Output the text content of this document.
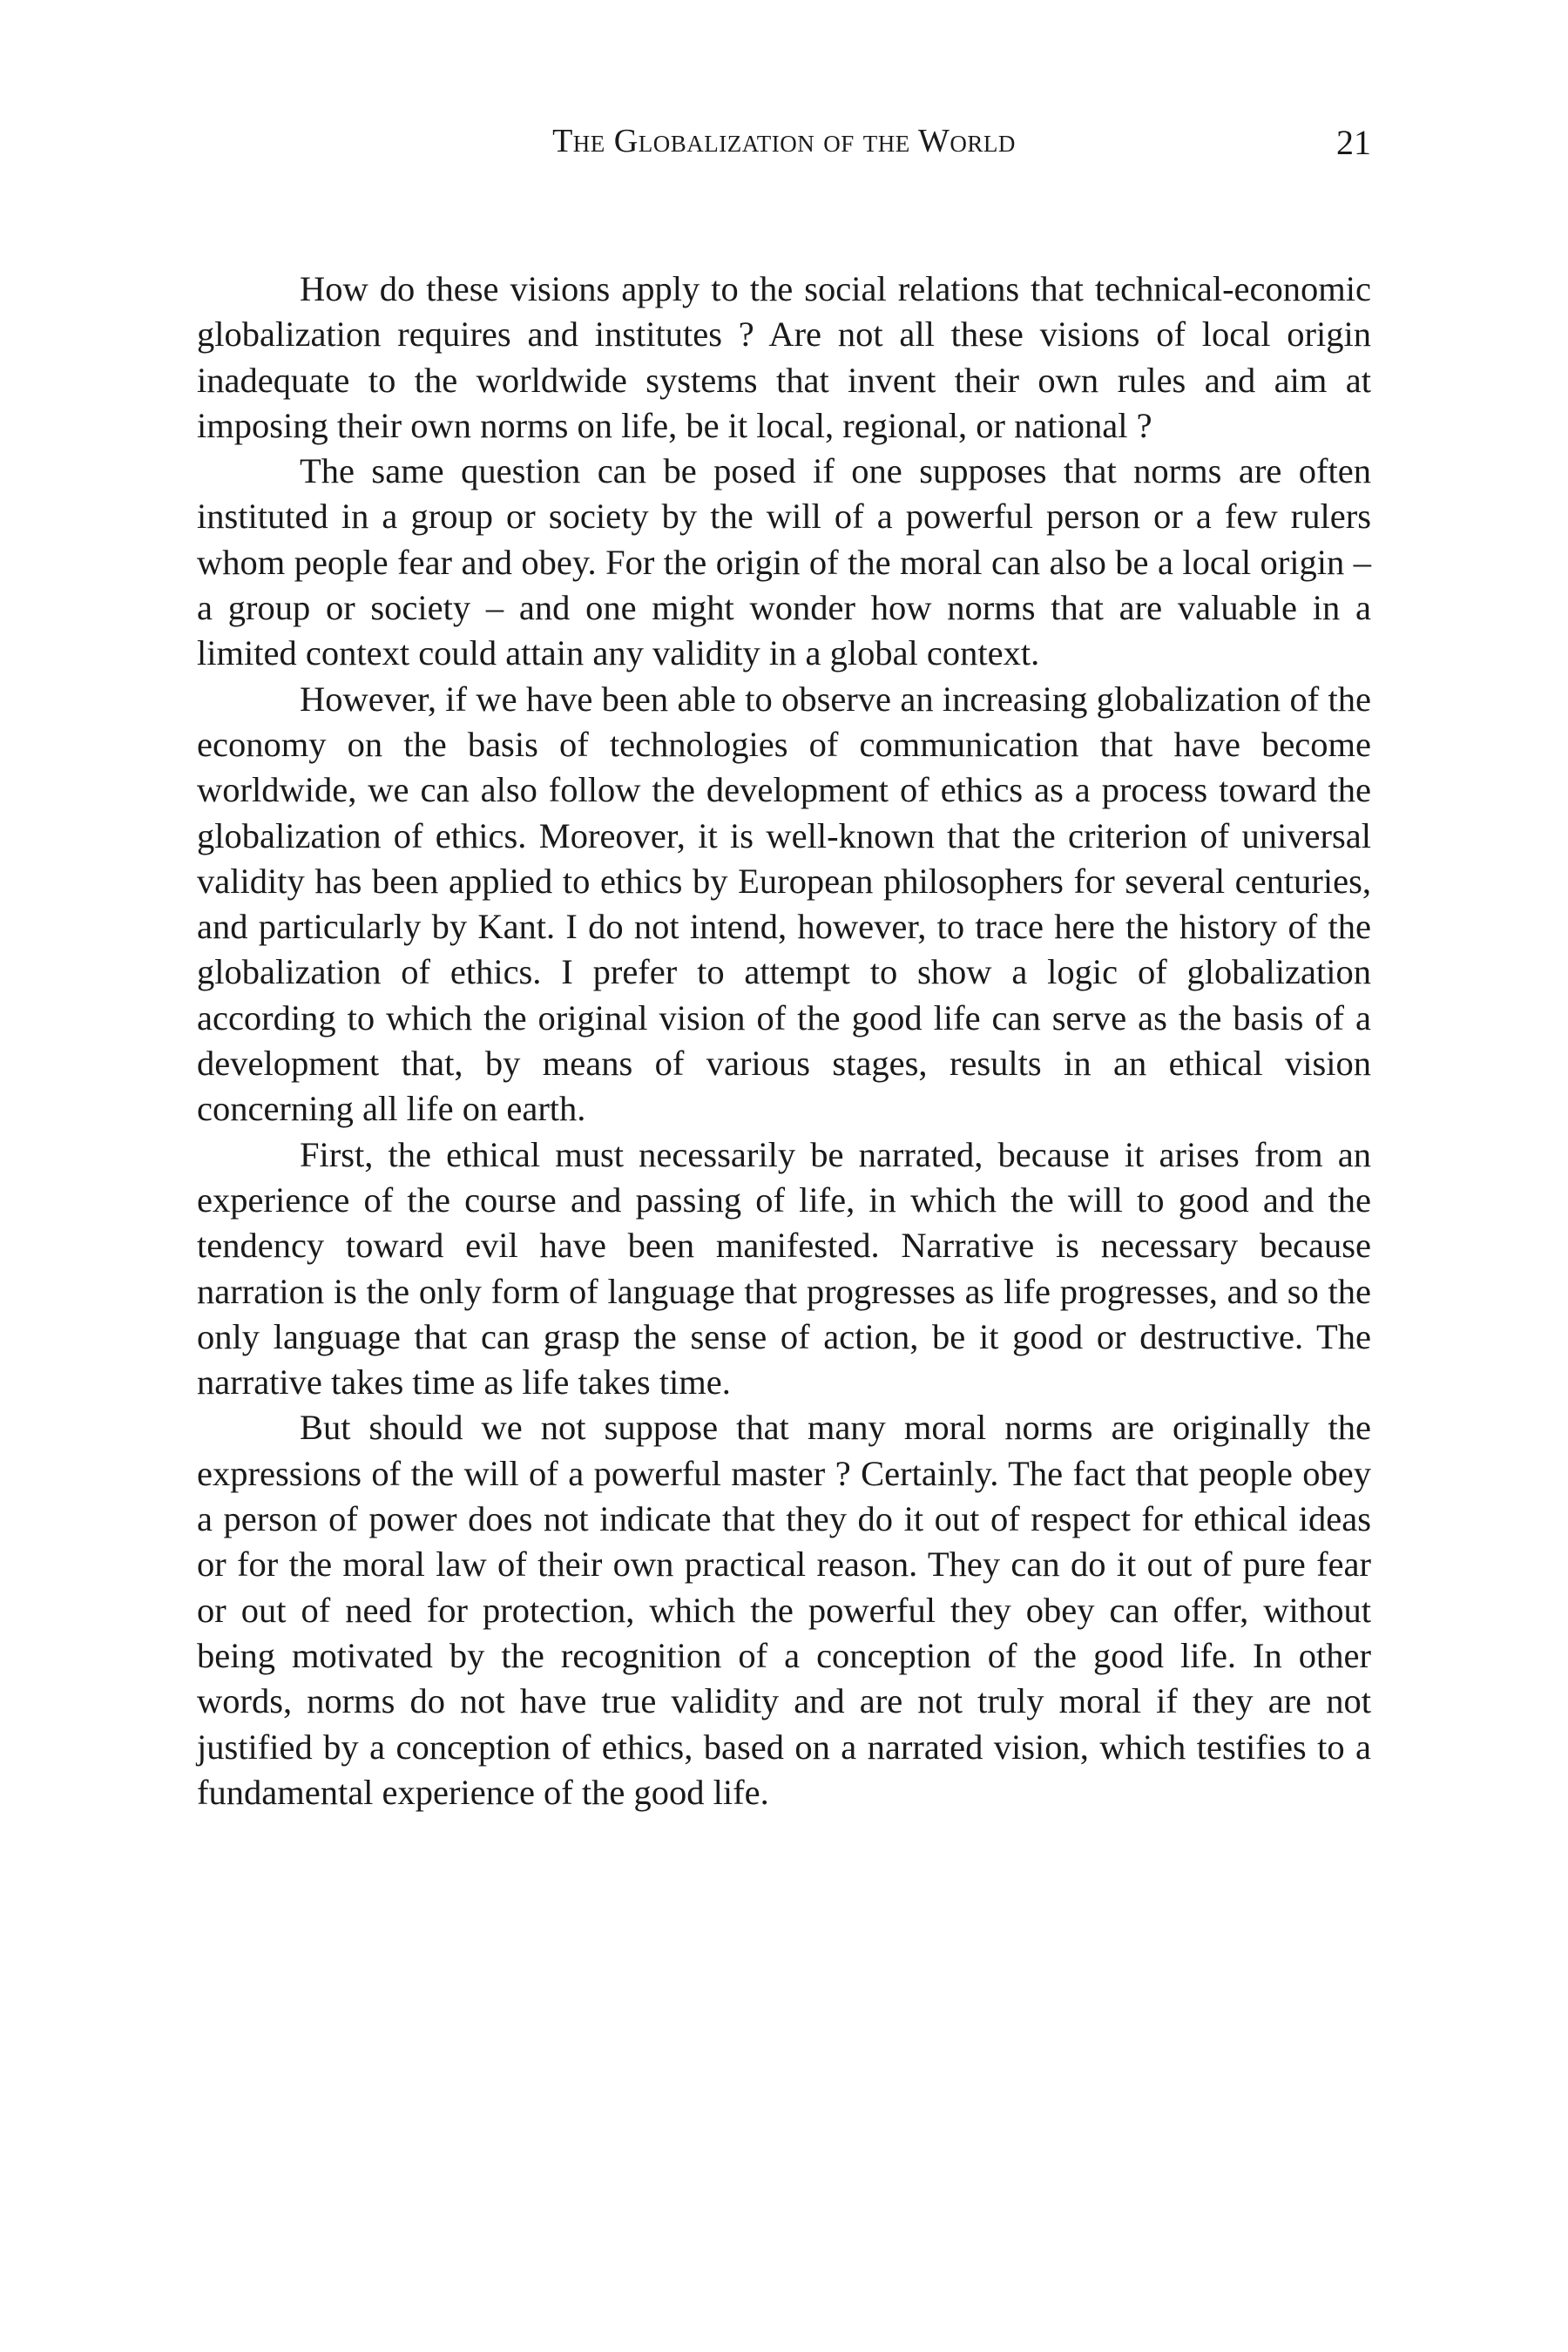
The Globalization of the World	21

How do these visions apply to the social relations that technical-economic globalization requires and institutes ? Are not all these visions of local origin inadequate to the worldwide systems that invent their own rules and aim at imposing their own norms on life, be it local, regional, or national ?

The same question can be posed if one supposes that norms are often instituted in a group or society by the will of a powerful person or a few rulers whom people fear and obey. For the origin of the moral can also be a local origin – a group or society – and one might wonder how norms that are valuable in a limited context could attain any validity in a global context.

However, if we have been able to observe an increasing globalization of the economy on the basis of technologies of communication that have become worldwide, we can also follow the development of ethics as a process toward the globalization of ethics. Moreover, it is well-known that the criterion of universal validity has been applied to ethics by European philosophers for several centuries, and particularly by Kant. I do not intend, however, to trace here the history of the globalization of ethics. I prefer to attempt to show a logic of globalization according to which the original vision of the good life can serve as the basis of a development that, by means of various stages, results in an ethical vision concerning all life on earth.

First, the ethical must necessarily be narrated, because it arises from an experience of the course and passing of life, in which the will to good and the tendency toward evil have been manifested. Narrative is necessary because narration is the only form of language that progresses as life progresses, and so the only language that can grasp the sense of action, be it good or destructive. The narrative takes time as life takes time.

But should we not suppose that many moral norms are originally the expressions of the will of a powerful master ? Certainly. The fact that people obey a person of power does not indicate that they do it out of respect for ethical ideas or for the moral law of their own practical reason. They can do it out of pure fear or out of need for protection, which the powerful they obey can offer, without being motivated by the recognition of a conception of the good life. In other words, norms do not have true validity and are not truly moral if they are not justified by a conception of ethics, based on a narrated vision, which testifies to a fundamental experience of the good life.
